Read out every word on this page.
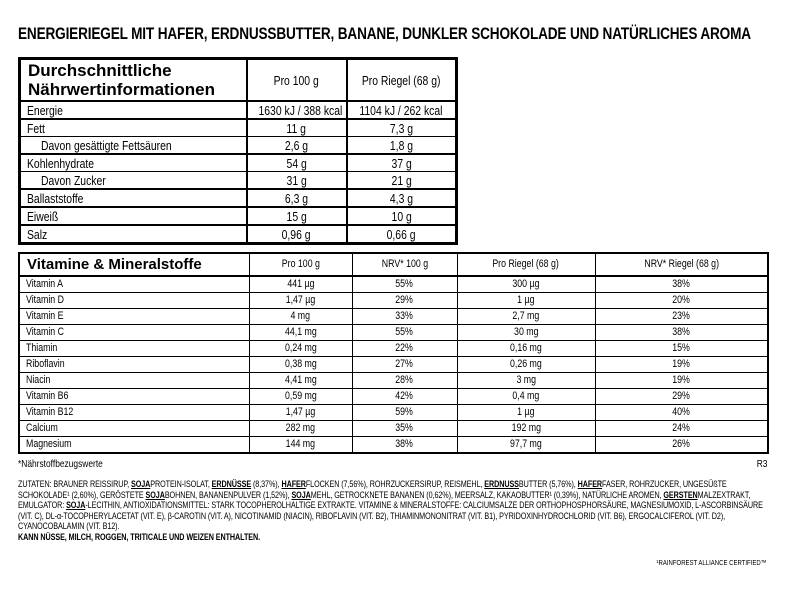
ENERGIERIEGEL MIT HAFER, ERDNUSSBUTTER, BANANE, DUNKLER SCHOKOLADE UND NATÜRLICHES AROMA
Durchschnittliche Nährwertinformationen	Pro 100 g	Pro Riegel (68 g)
Energie	1630 kJ / 388 kcal	1104 kJ / 262 kcal
Fett	11 g	7,3 g
Davon gesättigte Fettsäuren	2,6 g	1,8 g
Kohlenhydrate	54 g	37 g
Davon Zucker	31 g	21 g
Ballaststoffe	6,3 g	4,3 g
Eiweiß	15 g	10 g
Salz	0,96 g	0,66 g
Vitamine & Mineralstoffe	Pro 100 g	NRV* 100 g	Pro Riegel (68 g)	NRV* Riegel (68 g)
Vitamin A	441 µg	55%	300 µg	38%
Vitamin D	1,47 µg	29%	1 µg	20%
Vitamin E	4 mg	33%	2,7 mg	23%
Vitamin C	44,1 mg	55%	30 mg	38%
Thiamin	0,24 mg	22%	0,16 mg	15%
Riboflavin	0,38 mg	27%	0,26 mg	19%
Niacin	4,41 mg	28%	3 mg	19%
Vitamin B6	0,59 mg	42%	0,4 mg	29%
Vitamin B12	1,47 µg	59%	1 µg	40%
Calcium	282 mg	35%	192 mg	24%
Magnesium	144 mg	38%	97,7 mg	26%
*Nährstoffbezugswerte	R3
ZUTATEN: BRAUNER REISSIRUP, SOJAPROTEIN-ISOLAT, ERDNÜSSE (8,37%), HAFERFLOCKEN (7,56%), ROHRZUCKERSIRUP, REISMEHL, ERDNUSSBUTTER (5,76%), HAFERFASER, ROHRZUCKER, UNGESÜßTE SCHOKOLADE¹ (2,60%), GERÖSTETE SOJABOHNEN, BANANENPULVER (1,52%), SOJAMEHL, GETROCKNETE BANANEN (0,62%), MEERSALZ, KAKAOBUTTER¹ (0,39%), NATÜRLICHE AROMEN, GERSTENMALZEXTRAKT, EMULGATOR: SOJA-LECITHIN, ANTIOXIDATIONSMITTEL: STARK TOCOPHEROLHALTIGE EXTRAKTE. VITAMINE & MINERALSTOFFE: CALCIUMSALZE DER ORTHOPHOSPHORSÄURE, MAGNESIUMOXID, L-ASCORBINSÄURE (VIT. C), DL-α-TOCOPHERYLACETAT (VIT. E), β-CAROTIN (VIT. A), NICOTINAMID (NIACIN), RIBOFLAVIN (VIT. B2), THIAMINMONONITRAT (VIT. B1), PYRIDOXINHYDROCHLORID (VIT. B6), ERGOCALCIFEROL (VIT. D2), CYANOCOBALAMIN (VIT. B12).
KANN NÜSSE, MILCH, ROGGEN, TRITICALE UND WEIZEN ENTHALTEN.
¹RAINFOREST ALLIANCE CERTIFIED™
